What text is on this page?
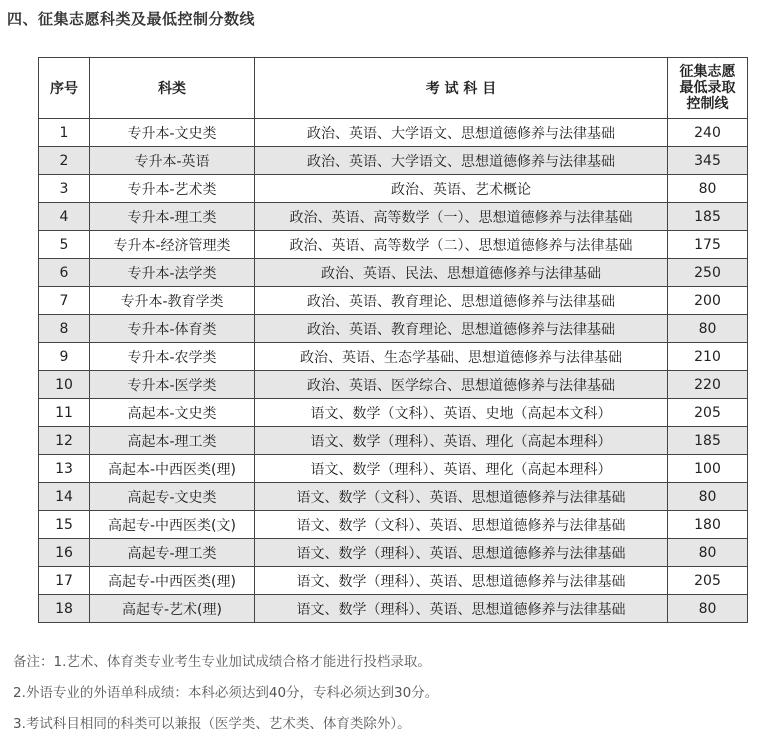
四、征集志愿科类及最低控制分数线
序号	科类	考 试 科 目	征集志愿
最低录取
控制线
1	专升本-文史类	政治、英语、大学语文、思想道德修养与法律基础	240
2	专升本-英语	政治、英语、大学语文、思想道德修养与法律基础	345
3	专升本-艺术类	政治、英语、艺术概论	80
4	专升本-理工类	政治、英语、高等数学（一）、思想道德修养与法律基础	185
5	专升本-经济管理类	政治、英语、高等数学（二）、思想道德修养与法律基础	175
6	专升本-法学类	政治、英语、民法、思想道德修养与法律基础	250
7	专升本-教育学类	政治、英语、教育理论、思想道德修养与法律基础	200
8	专升本-体育类	政治、英语、教育理论、思想道德修养与法律基础	80
9	专升本-农学类	政治、英语、生态学基础、思想道德修养与法律基础	210
10	专升本-医学类	政治、英语、医学综合、思想道德修养与法律基础	220
11	高起本-文史类	语文、数学（文科）、英语、史地（高起本文科）	205
12	高起本-理工类	语文、数学（理科）、英语、理化（高起本理科）	185
13	高起本-中西医类(理)	语文、数学（理科）、英语、理化（高起本理科）	100
14	高起专-文史类	语文、数学（文科）、英语、思想道德修养与法律基础	80
15	高起专-中西医类(文)	语文、数学（文科）、英语、思想道德修养与法律基础	180
16	高起专-理工类	语文、数学（理科）、英语、思想道德修养与法律基础	80
17	高起专-中西医类(理)	语文、数学（理科）、英语、思想道德修养与法律基础	205
18	高起专-艺术(理)	语文、数学（理科）、英语、思想道德修养与法律基础	80
备注：1.艺术、体育类专业考生专业加试成绩合格才能进行投档录取。
2.外语专业的外语单科成绩：本科必须达到40分，专科必须达到30分。
3.考试科目相同的科类可以兼报（医学类、艺术类、体育类除外）。
